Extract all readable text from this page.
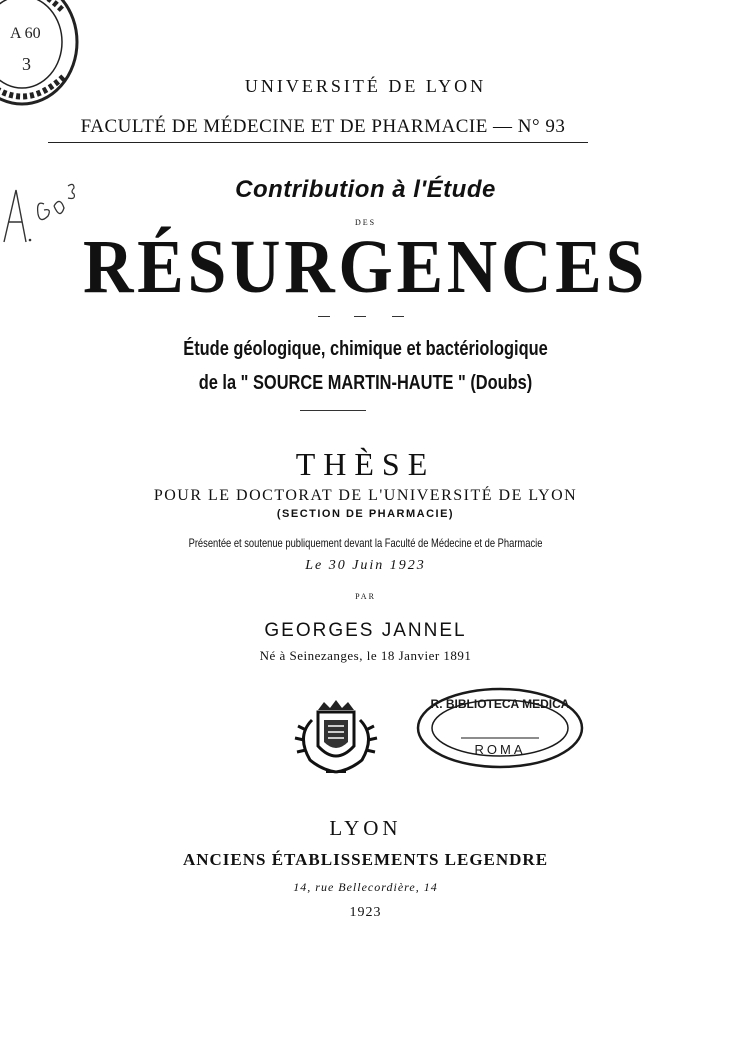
A 60
3
UNIVERSITÉ DE LYON
FACULTÉ DE MÉDECINE ET DE PHARMACIE — N° 93
Contribution à l'Étude
DES
RÉSURGENCES
Étude géologique, chimique et bactériologique
de la " SOURCE MARTIN-HAUTE " (Doubs)
THÈSE
POUR LE DOCTORAT DE L'UNIVERSITÉ DE LYON
(SECTION DE PHARMACIE)
Présentée et soutenue publiquement devant la Faculté de Médecine et de Pharmacie
Le 30 Juin 1923
PAR
GEORGES JANNEL
Né à Seinezanges, le 18 Janvier 1891
R. BIBLIOTECA MEDICA
ROMA
LYON
ANCIENS ÉTABLISSEMENTS LEGENDRE
14, rue Bellecordière, 14
1923
